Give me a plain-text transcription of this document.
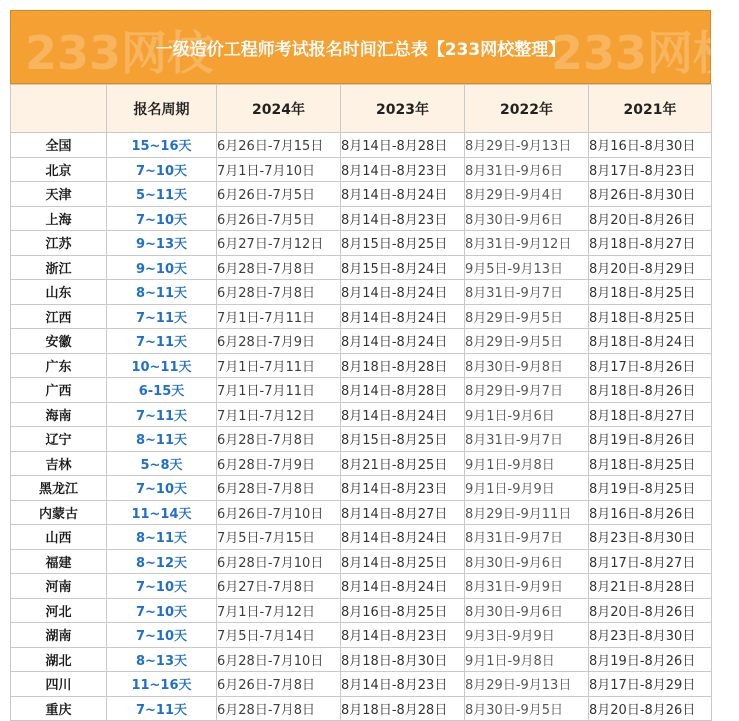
233网校	233网校
一级造价工程师考试报名时间汇总表【233网校整理】
	报名周期	2024年	2023年	2022年	2021年
全国	15~16天	6月26日-7月15日	8月14日-8月28日	8月29日-9月13日	8月16日-8月30日
北京	7~10天	7月1日-7月10日	8月14日-8月23日	8月31日-9月6日	8月17日-8月23日
天津	5~11天	6月26日-7月5日	8月14日-8月24日	8月29日-9月4日	8月26日-8月30日
上海	7~10天	6月26日-7月5日	8月14日-8月23日	8月30日-9月6日	8月20日-8月26日
江苏	9~13天	6月27日-7月12日	8月15日-8月25日	8月31日-9月12日	8月18日-8月27日
浙江	9~10天	6月28日-7月8日	8月15日-8月24日	9月5日-9月13日	8月20日-8月29日
山东	8~11天	6月28日-7月8日	8月14日-8月24日	8月31日-9月7日	8月18日-8月25日
江西	7~11天	7月1日-7月11日	8月14日-8月24日	8月29日-9月5日	8月18日-8月25日
安徽	7~11天	6月28日-7月9日	8月14日-8月24日	8月29日-9月5日	8月18日-8月24日
广东	10~11天	7月1日-7月11日	8月18日-8月28日	8月30日-9月8日	8月17日-8月26日
广西	6-15天	7月1日-7月11日	8月14日-8月28日	8月29日-9月7日	8月18日-8月26日
海南	7~11天	7月1日-7月12日	8月14日-8月24日	9月1日-9月6日	8月18日-8月27日
辽宁	8~11天	6月28日-7月8日	8月15日-8月25日	8月31日-9月7日	8月19日-8月26日
吉林	5~8天	6月28日-7月9日	8月21日-8月25日	9月1日-9月8日	8月18日-8月25日
黑龙江	7~10天	6月28日-7月8日	8月14日-8月23日	9月1日-9月9日	8月19日-8月25日
内蒙古	11~14天	6月26日-7月10日	8月14日-8月27日	8月29日-9月11日	8月16日-8月26日
山西	8~11天	7月5日-7月15日	8月14日-8月24日	8月31日-9月7日	8月23日-8月30日
福建	8~12天	6月28日-7月10日	8月14日-8月25日	8月30日-9月6日	8月17日-8月27日
河南	7~10天	6月27日-7月8日	8月14日-8月24日	8月31日-9月9日	8月21日-8月28日
河北	7~10天	7月1日-7月12日	8月16日-8月25日	8月30日-9月6日	8月20日-8月26日
湖南	7~10天	7月5日-7月14日	8月14日-8月23日	9月3日-9月9日	8月23日-8月30日
湖北	8~13天	6月28日-7月10日	8月18日-8月30日	9月1日-9月8日	8月19日-8月26日
四川	11~16天	6月26日-7月8日	8月14日-8月23日	8月29日-9月13日	8月17日-8月29日
重庆	7~11天	6月28日-7月8日	8月18日-8月28日	8月30日-9月5日	8月20日-8月26日
